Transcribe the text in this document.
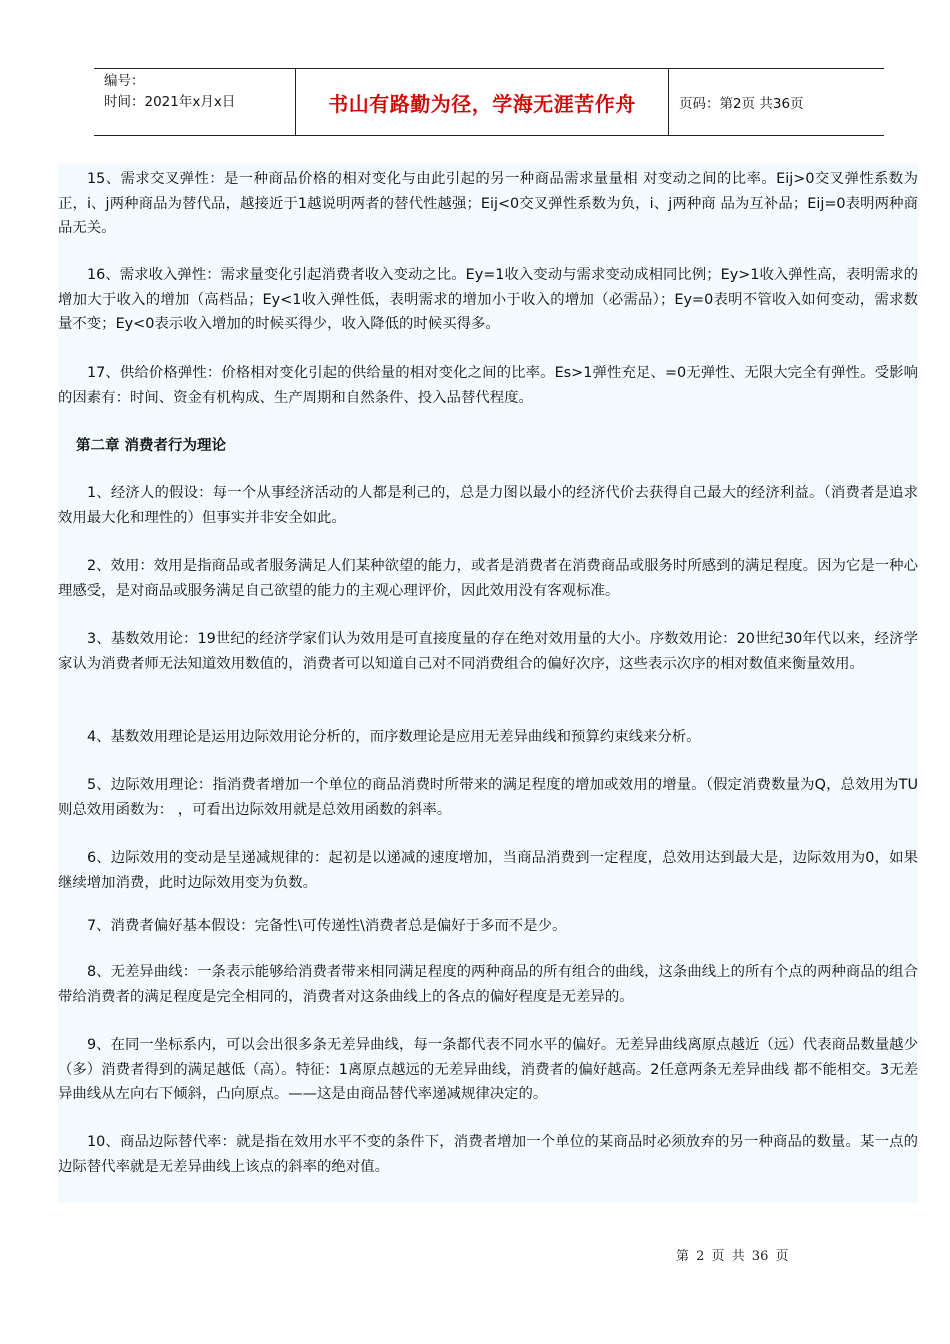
编号：
时间：2021年x月x日	书山有路勤为径，学海无涯苦作舟	页码：第2页 共36页

15、需求交叉弹性：是一种商品价格的相对变化与由此引起的另一种商品需求量量相 对变动之间的比率。Eij>0交叉弹性系数为正，i、j两种商品为替代品，越接近于1越说明两者的替代性越强；Eij<0交叉弹性系数为负，i、j两种商 品为互补品；Eij=0表明两种商品无关。

16、需求收入弹性：需求量变化引起消费者收入变动之比。Ey=1收入变动与需求变动成相同比例；Ey>1收入弹性高，表明需求的增加大于收入的增加（高档品；Ey<1收入弹性低，表明需求的增加小于收入的增加（必需品）；Ey=0表明不管收入如何变动，需求数量不变；Ey<0表示收入增加的时候买得少，收入降低的时候买得多。

17、供给价格弹性：价格相对变化引起的供给量的相对变化之间的比率。Es>1弹性充足、=0无弹性、无限大完全有弹性。受影响的因素有：时间、资金有机构成、生产周期和自然条件、投入品替代程度。

第二章 消费者行为理论

1、经济人的假设：每一个从事经济活动的人都是利己的，总是力图以最小的经济代价去获得自己最大的经济利益。（消费者是追求效用最大化和理性的）但事实并非安全如此。

2、效用：效用是指商品或者服务满足人们某种欲望的能力，或者是消费者在消费商品或服务时所感到的满足程度。因为它是一种心理感受，是对商品或服务满足自己欲望的能力的主观心理评价，因此效用没有客观标准。

3、基数效用论：19世纪的经济学家们认为效用是可直接度量的存在绝对效用量的大小。序数效用论：20世纪30年代以来，经济学家认为消费者师无法知道效用数值的，消费者可以知道自己对不同消费组合的偏好次序，这些表示次序的相对数值来衡量效用。

4、基数效用理论是运用边际效用论分析的，而序数理论是应用无差异曲线和预算约束线来分析。

5、边际效用理论：指消费者增加一个单位的商品消费时所带来的满足程度的增加或效用的增量。（假定消费数量为Q，总效用为TU则总效用函数为： ，可看出边际效用就是总效用函数的斜率。

6、边际效用的变动是呈递减规律的：起初是以递减的速度增加，当商品消费到一定程度，总效用达到最大是，边际效用为0，如果继续增加消费，此时边际效用变为负数。

7、消费者偏好基本假设：完备性\可传递性\消费者总是偏好于多而不是少。

8、无差异曲线：一条表示能够给消费者带来相同满足程度的两种商品的所有组合的曲线，这条曲线上的所有个点的两种商品的组合带给消费者的满足程度是完全相同的，消费者对这条曲线上的各点的偏好程度是无差异的。

9、在同一坐标系内，可以会出很多条无差异曲线，每一条都代表不同水平的偏好。无差异曲线离原点越近（远）代表商品数量越少（多）消费者得到的满足越低（高）。特征：1离原点越远的无差异曲线，消费者的偏好越高。2任意两条无差异曲线 都不能相交。3无差异曲线从左向右下倾斜，凸向原点。——这是由商品替代率递减规律决定的。

10、商品边际替代率：就是指在效用水平不变的条件下，消费者增加一个单位的某商品时必须放弃的另一种商品的数量。某一点的边际替代率就是无差异曲线上该点的斜率的绝对值。

第 2 页 共 36 页
